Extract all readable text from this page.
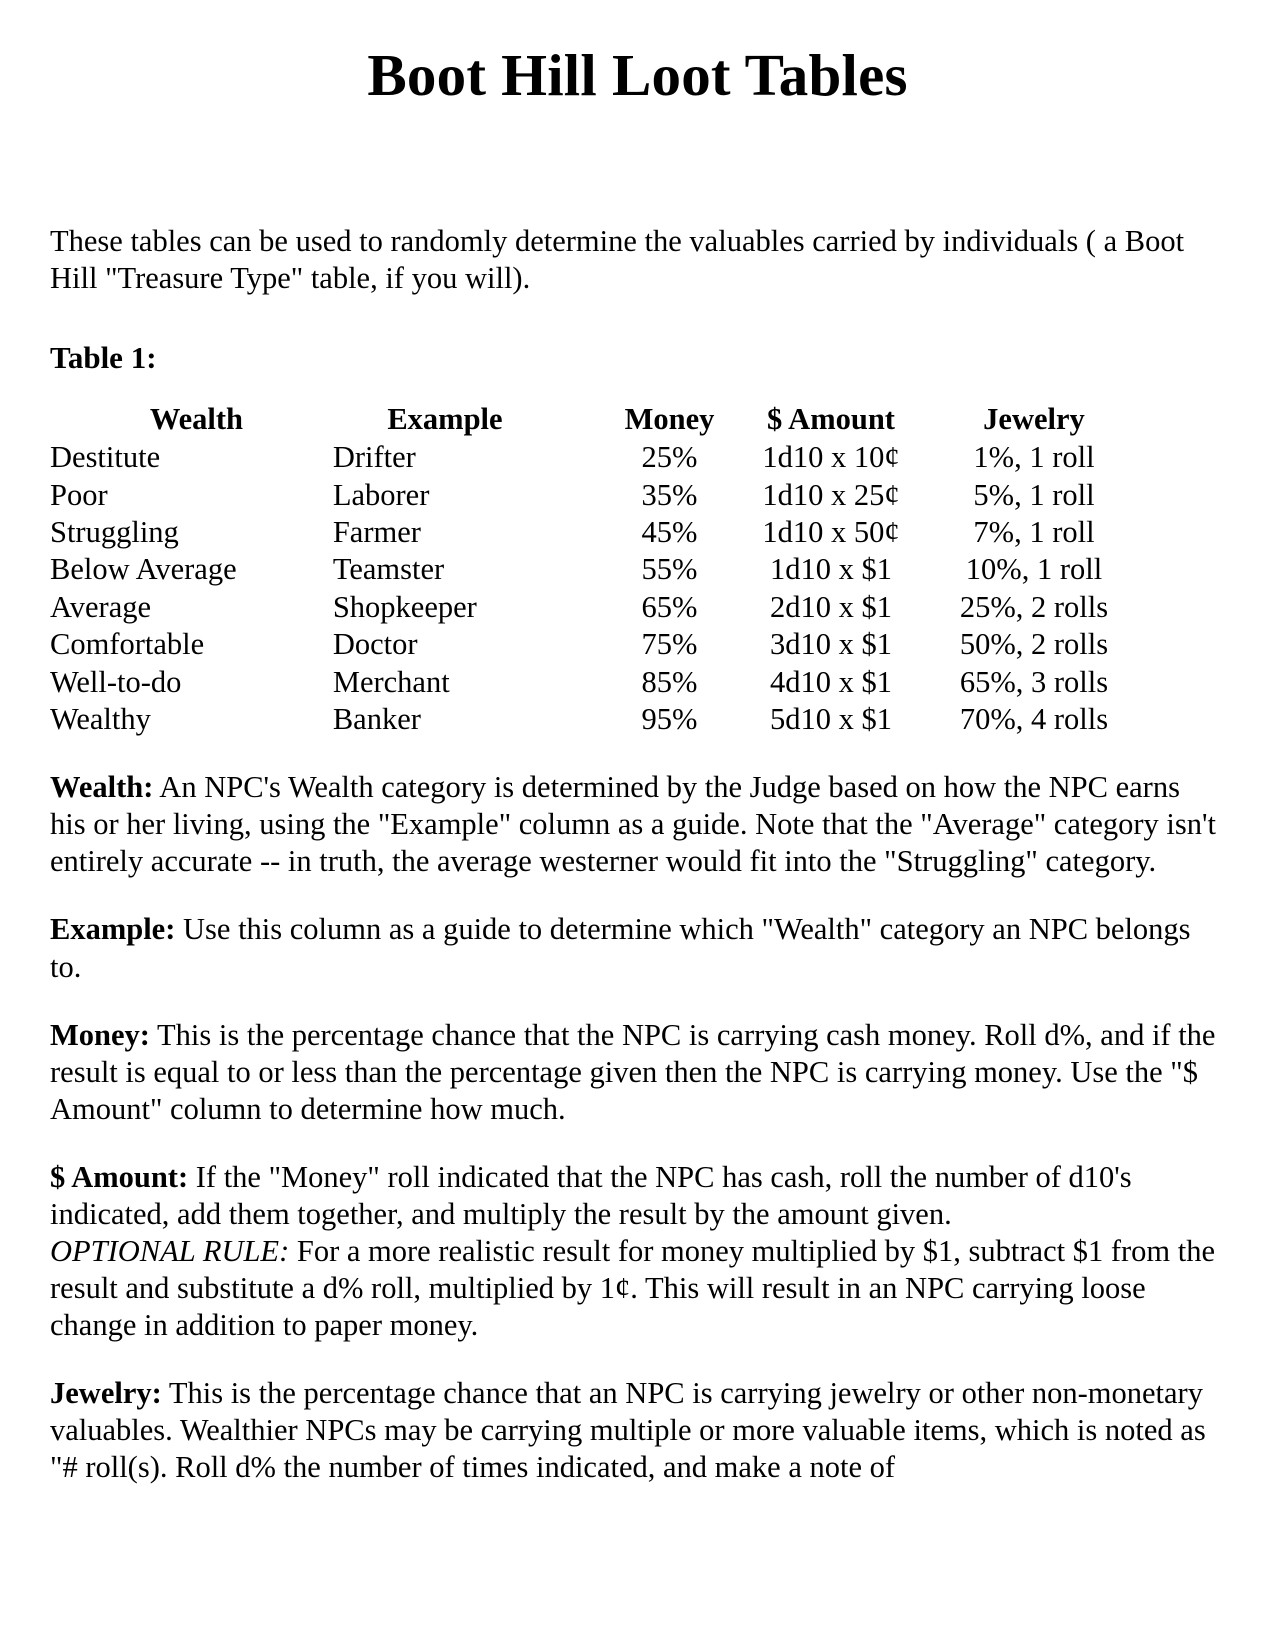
Boot Hill Loot Tables

These tables can be used to randomly determine the valuables carried by individuals ( a Boot Hill "Treasure Type" table, if you will).

Table 1:

Wealth	Example	Money	$ Amount	Jewelry
Destitute	Drifter	25%	1d10 x 10¢	1%, 1 roll
Poor	Laborer	35%	1d10 x 25¢	5%, 1 roll
Struggling	Farmer	45%	1d10 x 50¢	7%, 1 roll
Below Average	Teamster	55%	1d10 x $1	10%, 1 roll
Average	Shopkeeper	65%	2d10 x $1	25%, 2 rolls
Comfortable	Doctor	75%	3d10 x $1	50%, 2 rolls
Well-to-do	Merchant	85%	4d10 x $1	65%, 3 rolls
Wealthy	Banker	95%	5d10 x $1	70%, 4 rolls

Wealth: An NPC's Wealth category is determined by the Judge based on how the NPC earns his or her living, using the "Example" column as a guide. Note that the "Average" category isn't entirely accurate -- in truth, the average westerner would fit into the "Struggling" category.

Example: Use this column as a guide to determine which "Wealth" category an NPC belongs to.

Money: This is the percentage chance that the NPC is carrying cash money. Roll d%, and if the result is equal to or less than the percentage given then the NPC is carrying money. Use the "$ Amount" column to determine how much.

$ Amount: If the "Money" roll indicated that the NPC has cash, roll the number of d10's indicated, add them together, and multiply the result by the amount given.
OPTIONAL RULE: For a more realistic result for money multiplied by $1, subtract $1 from the result and substitute a d% roll, multiplied by 1¢. This will result in an NPC carrying loose change in addition to paper money.

Jewelry: This is the percentage chance that an NPC is carrying jewelry or other non-monetary valuables. Wealthier NPCs may be carrying multiple or more valuable items, which is noted as "# roll(s). Roll d% the number of times indicated, and make a note of
